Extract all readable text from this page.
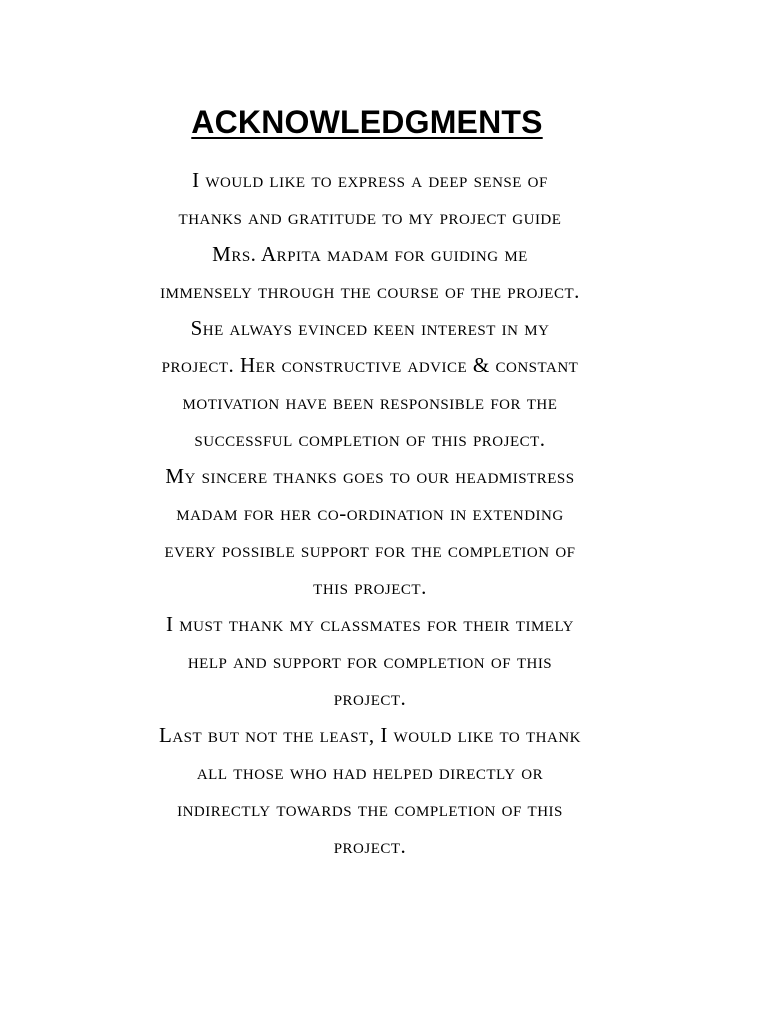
ACKNOWLEDGMENTS
I would like to express a deep sense of
thanks and gratitude to my project guide
Mrs. Arpita madam for guiding me
immensely through the course of the project.
She always evinced keen interest in my
project. Her constructive advice & constant
motivation have been responsible for the
successful completion of this project.
My sincere thanks goes to our headmistress
madam for her co-ordination in extending
every possible support for the completion of
this project.
I must thank my classmates for their timely
help and support for completion of this
project.
Last but not the least, I would like to thank
all those who had helped directly or
indirectly towards the completion of this
project.
